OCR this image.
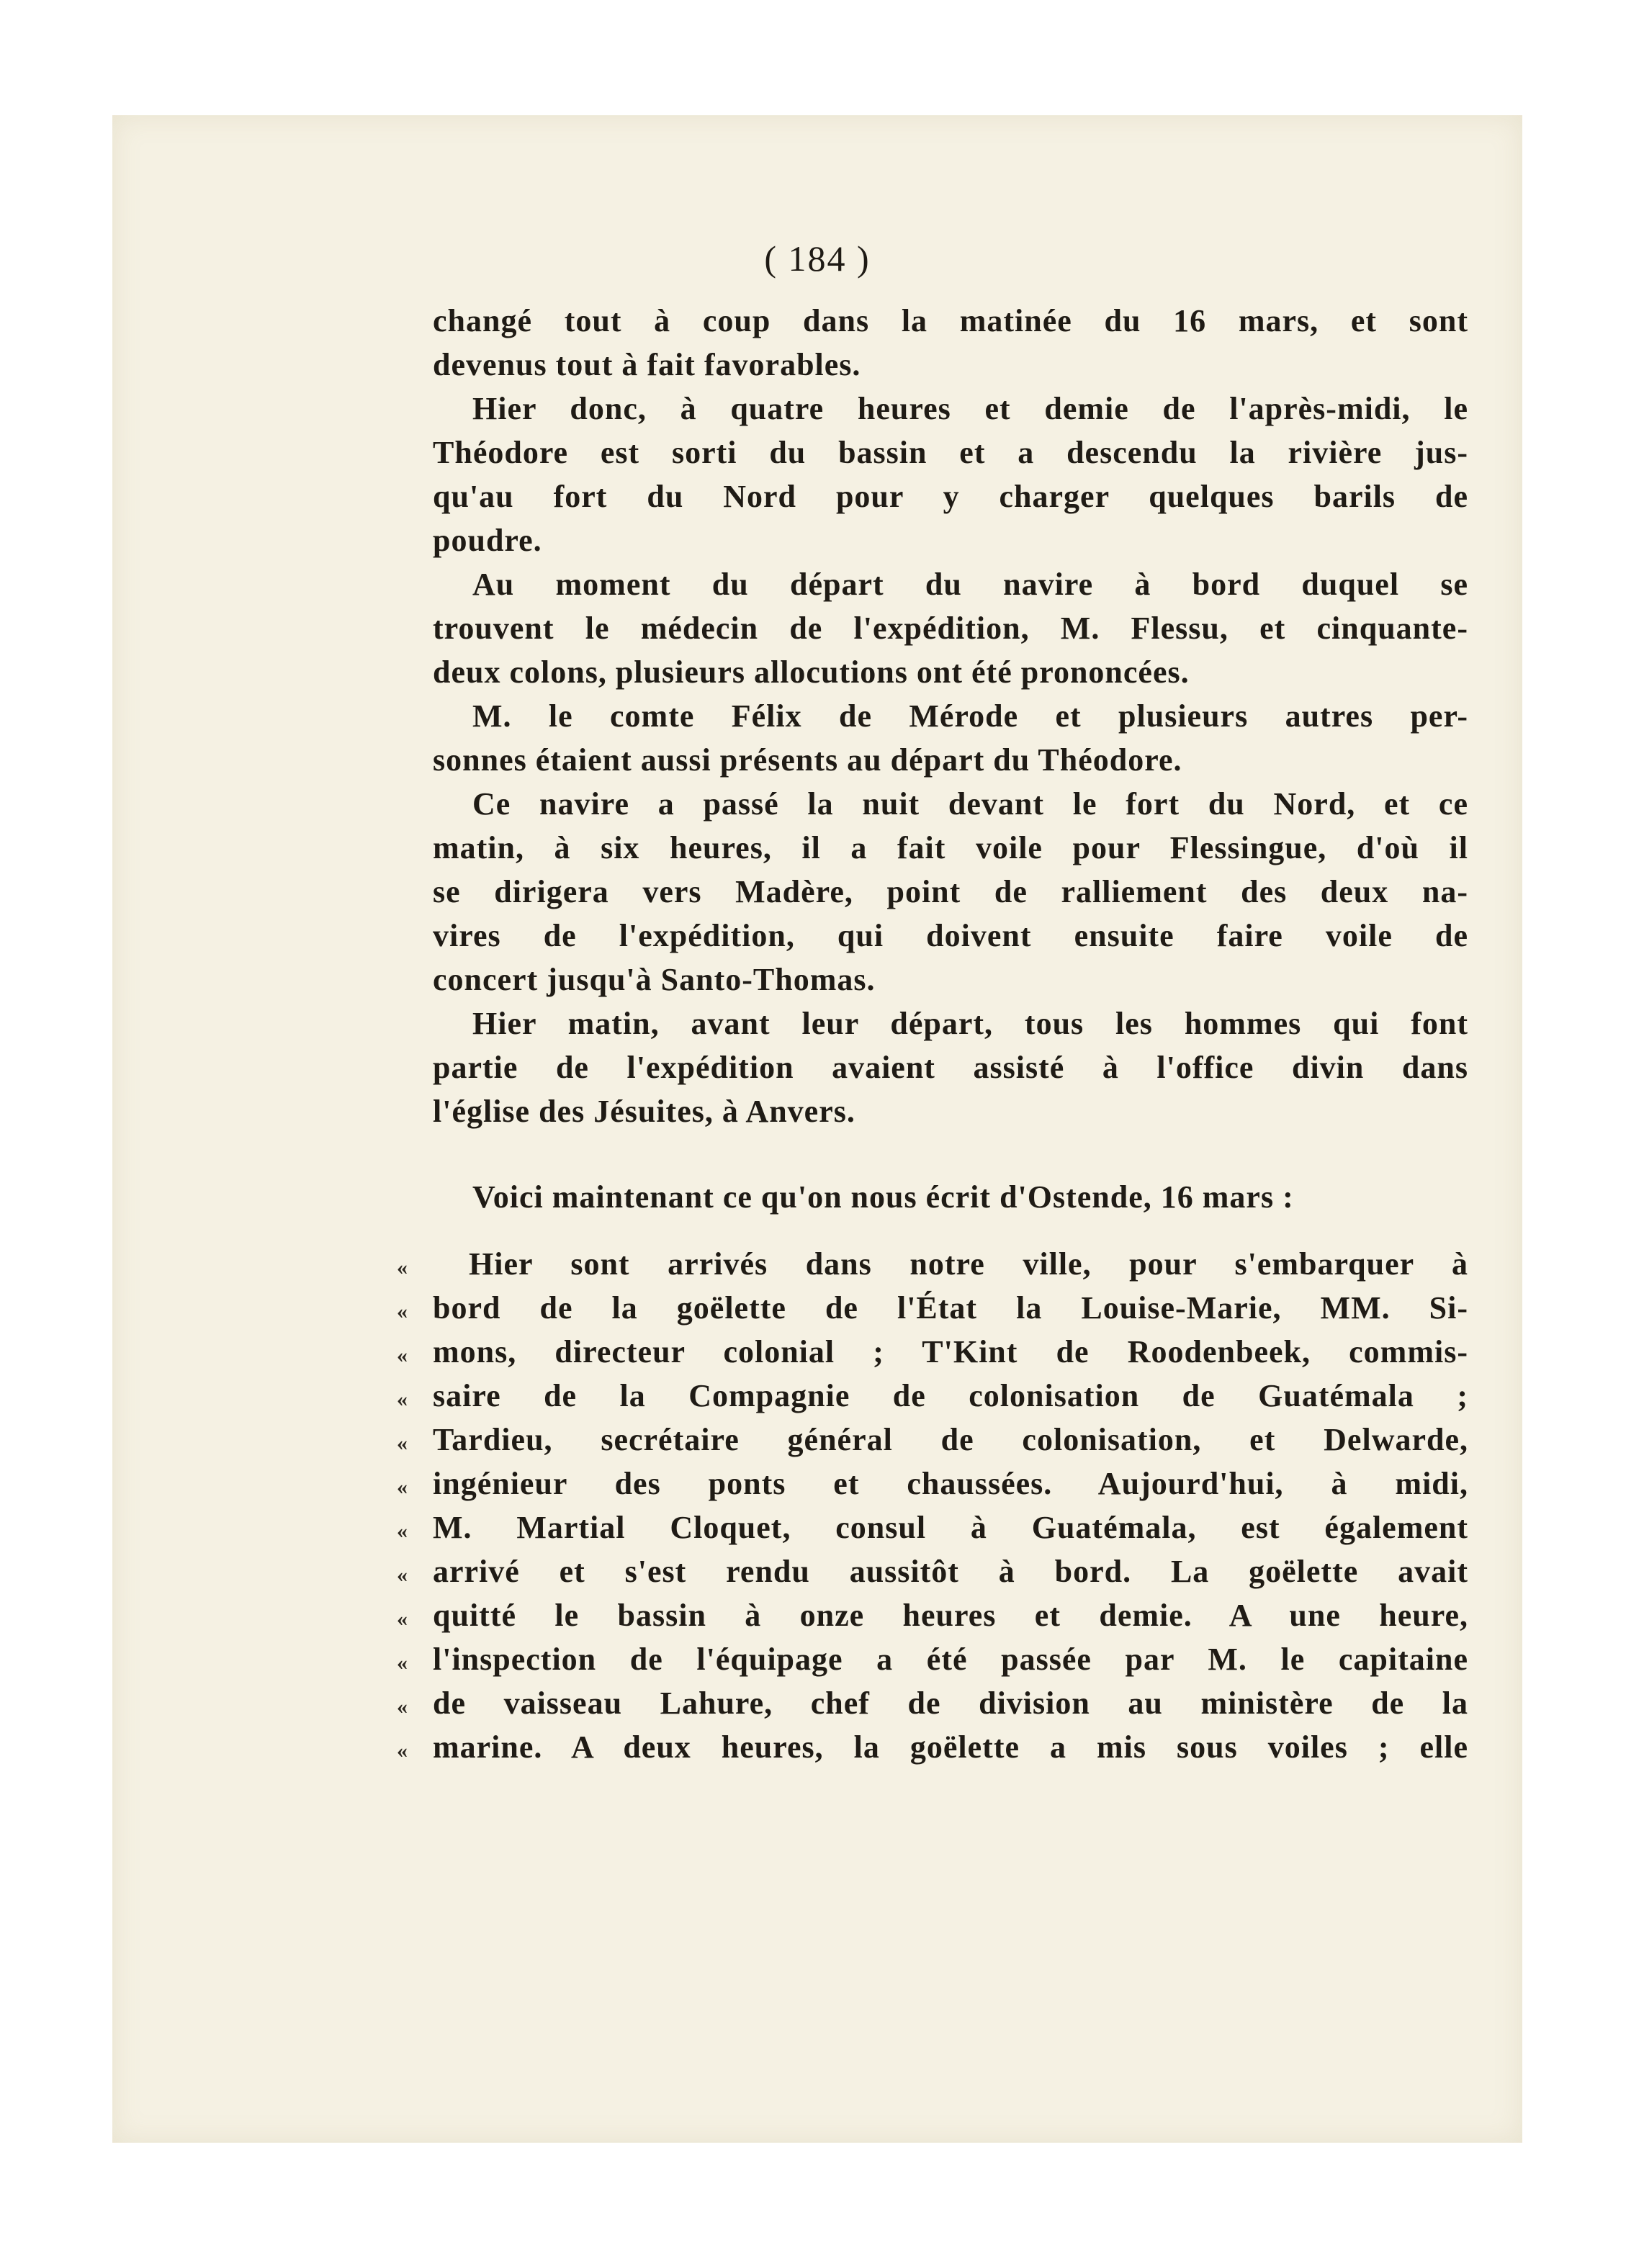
( 184 )
changé tout à coup dans la matinée du 16 mars, et sont
devenus tout à fait favorables.
Hier donc, à quatre heures et demie de l'après-midi, le
Théodore est sorti du bassin et a descendu la rivière jus-
qu'au fort du Nord pour y charger quelques barils de
poudre.
Au moment du départ du navire à bord duquel se
trouvent le médecin de l'expédition, M. Flessu, et cinquante-
deux colons, plusieurs allocutions ont été prononcées.
M. le comte Félix de Mérode et plusieurs autres per-
sonnes étaient aussi présents au départ du Théodore.
Ce navire a passé la nuit devant le fort du Nord, et ce
matin, à six heures, il a fait voile pour Flessingue, d'où il
se dirigera vers Madère, point de ralliement des deux na-
vires de l'expédition, qui doivent ensuite faire voile de
concert jusqu'à Santo-Thomas.
Hier matin, avant leur départ, tous les hommes qui font
partie de l'expédition avaient assisté à l'office divin dans
l'église des Jésuites, à Anvers.
Voici maintenant ce qu'on nous écrit d'Ostende, 16 mars :
«	Hier sont arrivés dans notre ville, pour s'embarquer à
« bord de la goëlette de l'État la Louise-Marie, MM. Si-
« mons, directeur colonial ; T'Kint de Roodenbeek, commis-
« saire de la Compagnie de colonisation de Guatémala ;
« Tardieu, secrétaire général de colonisation, et Delwarde,
« ingénieur des ponts et chaussées. Aujourd'hui, à midi,
« M. Martial Cloquet, consul à Guatémala, est également
« arrivé et s'est rendu aussitôt à bord. La goëlette avait
« quitté le bassin à onze heures et demie. A une heure,
« l'inspection de l'équipage a été passée par M. le capitaine
« de vaisseau Lahure, chef de division au ministère de la
« marine. A deux heures, la goëlette a mis sous voiles ; elle
